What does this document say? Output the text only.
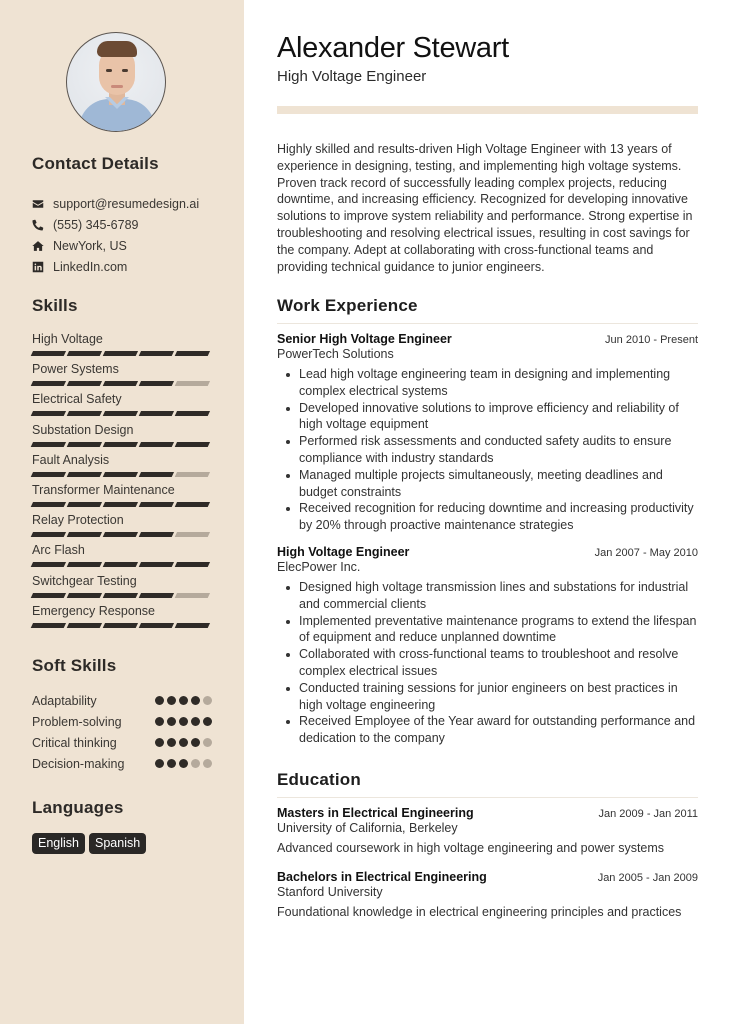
Contact Details
support@resumedesign.ai
(555) 345-6789
NewYork, US
LinkedIn.com
Skills
High Voltage
Power Systems
Electrical Safety
Substation Design
Fault Analysis
Transformer Maintenance
Relay Protection
Arc Flash
Switchgear Testing
Emergency Response
Soft Skills
Adaptability
Problem-solving
Critical thinking
Decision-making
Languages
English	Spanish
Alexander Stewart
High Voltage Engineer

Highly skilled and results-driven High Voltage Engineer with 13 years of experience in designing, testing, and implementing high voltage systems. Proven track record of successfully leading complex projects, reducing downtime, and increasing efficiency. Recognized for developing innovative solutions to improve system reliability and performance. Strong expertise in troubleshooting and resolving electrical issues, resulting in cost savings for the company. Adept at collaborating with cross-functional teams and providing technical guidance to junior engineers.

Work Experience
Senior High Voltage Engineer	Jun 2010 - Present
PowerTech Solutions
Lead high voltage engineering team in designing and implementing complex electrical systems
Developed innovative solutions to improve efficiency and reliability of high voltage equipment
Performed risk assessments and conducted safety audits to ensure compliance with industry standards
Managed multiple projects simultaneously, meeting deadlines and budget constraints
Received recognition for reducing downtime and increasing productivity by 20% through proactive maintenance strategies
High Voltage Engineer	Jan 2007 - May 2010
ElecPower Inc.
Designed high voltage transmission lines and substations for industrial and commercial clients
Implemented preventative maintenance programs to extend the lifespan of equipment and reduce unplanned downtime
Collaborated with cross-functional teams to troubleshoot and resolve complex electrical issues
Conducted training sessions for junior engineers on best practices in high voltage engineering
Received Employee of the Year award for outstanding performance and dedication to the company
Education
Masters in Electrical Engineering	Jan 2009 - Jan 2011
University of California, Berkeley
Advanced coursework in high voltage engineering and power systems
Bachelors in Electrical Engineering	Jan 2005 - Jan 2009
Stanford University
Foundational knowledge in electrical engineering principles and practices
